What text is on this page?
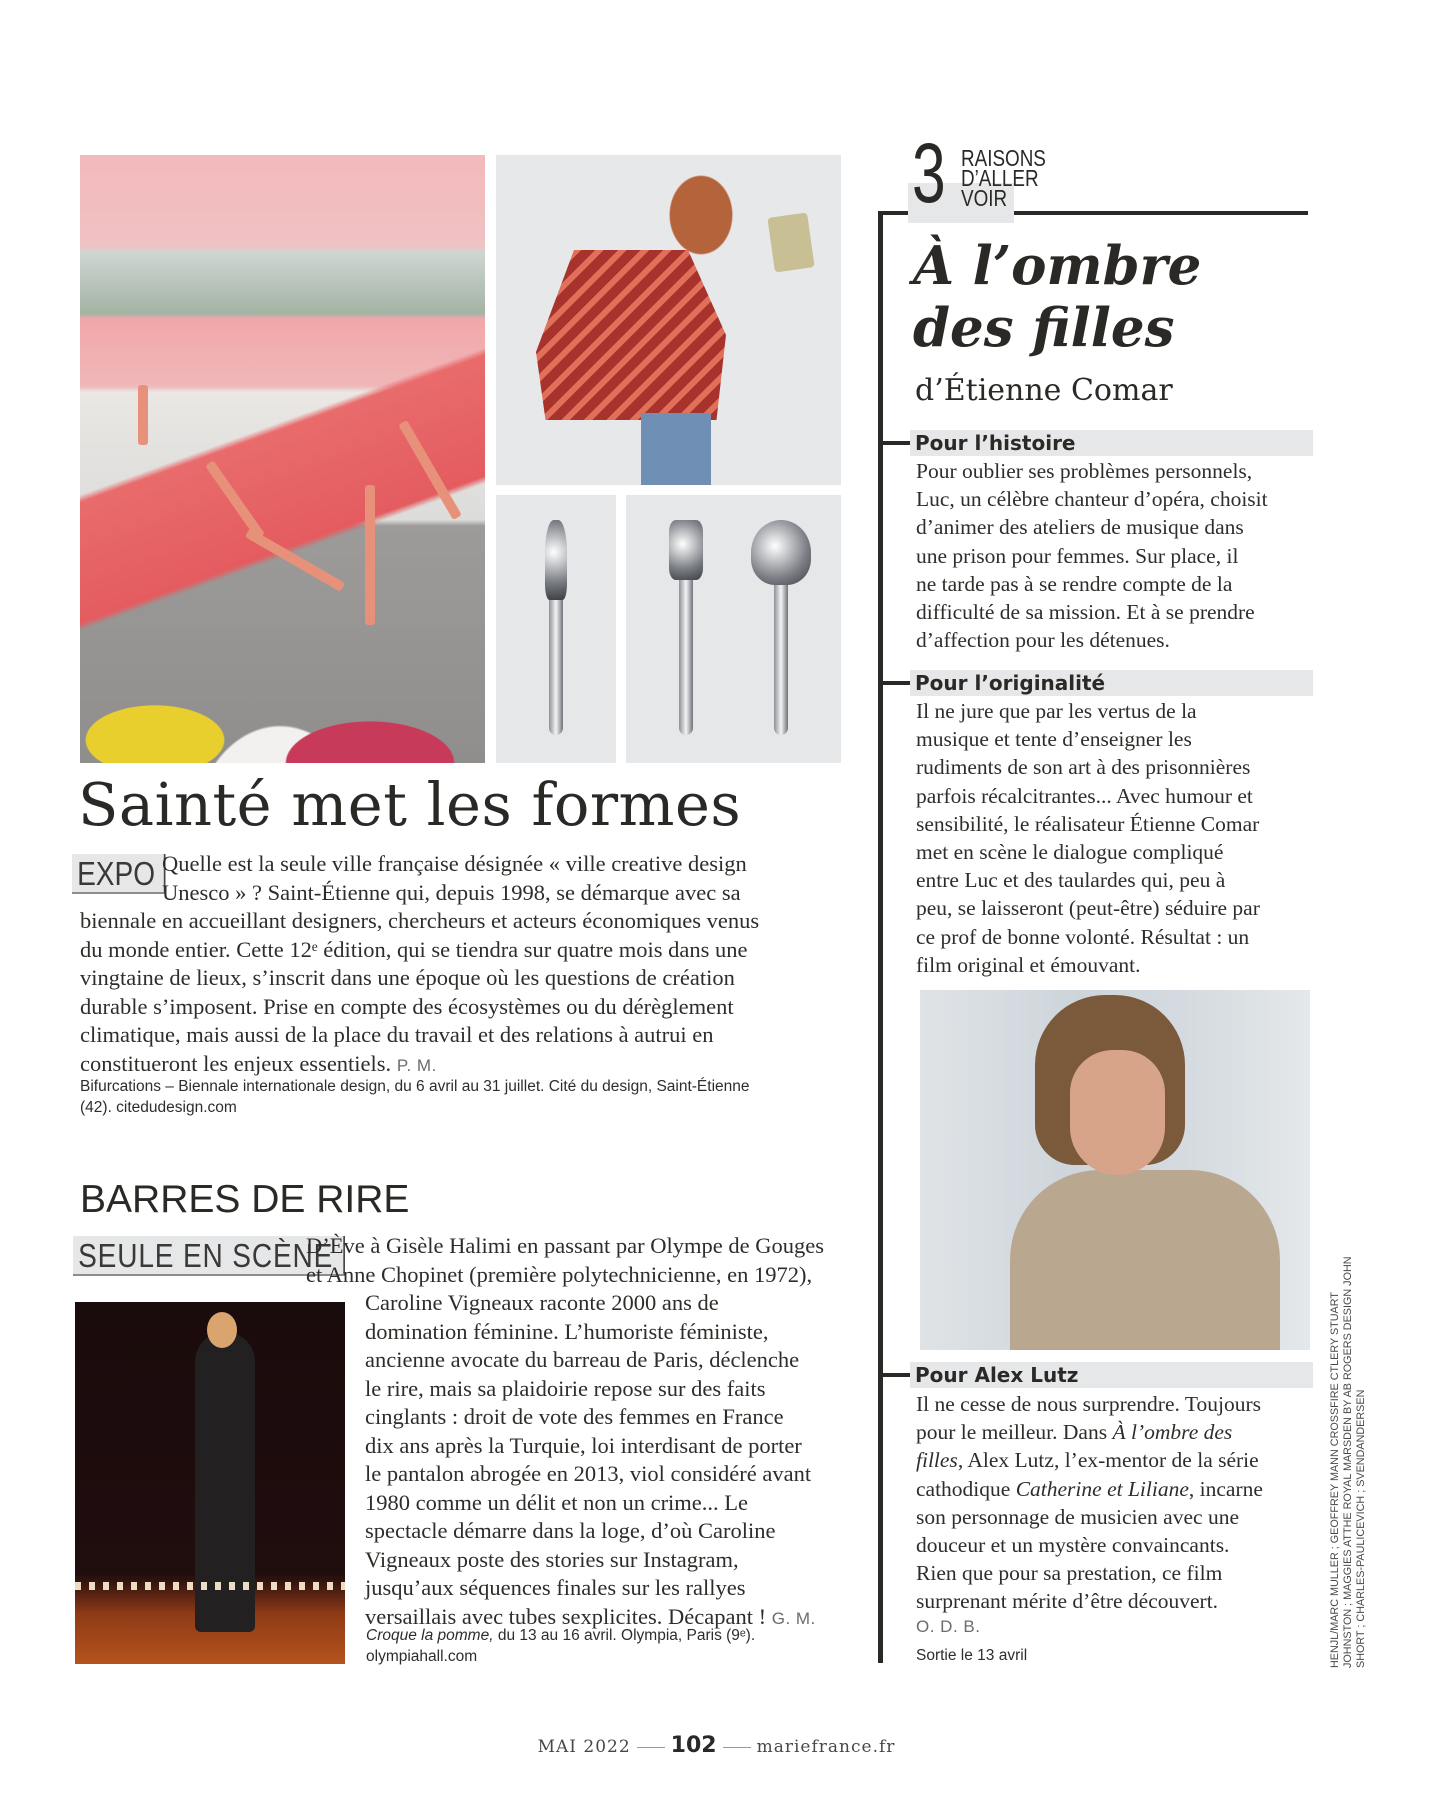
Sainté met les formes
EXPO Quelle est la seule ville française désignée « ville creative design
Unesco » ? Saint-Étienne qui, depuis 1998, se démarque avec sa
biennale en accueillant designers, chercheurs et acteurs économiques venus
du monde entier. Cette 12ᵉ édition, qui se tiendra sur quatre mois dans une
vingtaine de lieux, s’inscrit dans une époque où les questions de création
durable s’imposent. Prise en compte des écosystèmes ou du dérèglement
climatique, mais aussi de la place du travail et des relations à autrui en
constitueront les enjeux essentiels. P. M.
Bifurcations – Biennale internationale design, du 6 avril au 31 juillet. Cité du design, Saint-Étienne
(42). citedudesign.com
BARRES DE RIRE
SEULE EN SCÈNE
D’Ève à Gisèle Halimi en passant par Olympe de Gouges
et Anne Chopinet (première polytechnicienne, en 1972),
Caroline Vigneaux raconte 2000 ans de
domination féminine. L’humoriste féministe,
ancienne avocate du barreau de Paris, déclenche
le rire, mais sa plaidoirie repose sur des faits
cinglants : droit de vote des femmes en France
dix ans après la Turquie, loi interdisant de porter
le pantalon abrogée en 2013, viol considéré avant
1980 comme un délit et non un crime... Le
spectacle démarre dans la loge, d’où Caroline
Vigneaux poste des stories sur Instagram,
jusqu’aux séquences finales sur les rallyes
versaillais avec tubes sexplicites. Décapant ! G. M.
Croque la pomme, du 13 au 16 avril. Olympia, Paris (9ᵉ).
olympiahall.com
3 RAISONS
D’ALLER
VOIR
À l’ombre
des filles
d’Étienne Comar
Pour l’histoire
Pour oublier ses problèmes personnels,
Luc, un célèbre chanteur d’opéra, choisit
d’animer des ateliers de musique dans
une prison pour femmes. Sur place, il
ne tarde pas à se rendre compte de la
difficulté de sa mission. Et à se prendre
d’affection pour les détenues.
Pour l’originalité
Il ne jure que par les vertus de la
musique et tente d’enseigner les
rudiments de son art à des prisonnières
parfois récalcitrantes... Avec humour et
sensibilité, le réalisateur Étienne Comar
met en scène le dialogue compliqué
entre Luc et des taulardes qui, peu à
peu, se laisseront (peut-être) séduire par
ce prof de bonne volonté. Résultat : un
film original et émouvant.
Pour Alex Lutz
Il ne cesse de nous surprendre. Toujours
pour le meilleur. Dans À l’ombre des
filles, Alex Lutz, l’ex-mentor de la série
cathodique Catherine et Liliane, incarne
son personnage de musicien avec une
douceur et un mystère convaincants.
Rien que pour sa prestation, ce film
surprenant mérite d’être découvert.
O. D. B.
Sortie le 13 avril	HENJL/MARC MULLER ; GEOFFREY MANN CROSSFIRE CTLERY STUART JOHNSTON ; MAGGIES ATTHE ROYAL MARSDEN BY AB ROGERS DESIGN JOHN SHORT ; CHARLES-PAULICEVICH ; SVENDANDERSEN
MAI 2022 102 mariefrance.fr
